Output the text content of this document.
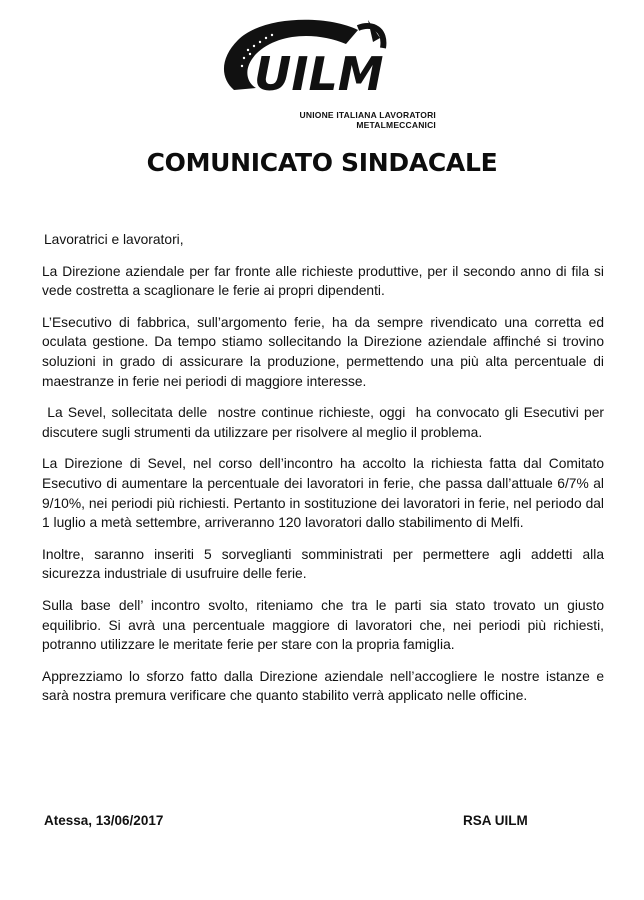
UILM
UNIONE ITALIANA LAVORATORI
METALMECCANICI
COMUNICATO SINDACALE

Lavoratrici e lavoratori,

La Direzione aziendale per far fronte alle richieste produttive, per il secondo anno di fila si vede costretta a scaglionare le ferie ai propri dipendenti.

L’Esecutivo di fabbrica, sull’argomento ferie, ha da sempre rivendicato una corretta ed oculata gestione. Da tempo stiamo sollecitando la Direzione aziendale affinché si trovino soluzioni in grado di assicurare la produzione, permettendo una più alta percentuale di maestranze in ferie nei periodi di maggiore interesse.

La Sevel, sollecitata delle  nostre continue richieste, oggi  ha convocato gli Esecutivi per discutere sugli strumenti da utilizzare per risolvere al meglio il problema.

La Direzione di Sevel, nel corso dell’incontro ha accolto la richiesta fatta dal Comitato Esecutivo di aumentare la percentuale dei lavoratori in ferie, che passa dall’attuale 6/7% al 9/10%, nei periodi più richiesti. Pertanto in sostituzione dei lavoratori in ferie, nel periodo dal 1 luglio a metà settembre, arriveranno 120 lavoratori dallo stabilimento di Melfi.

Inoltre, saranno inseriti 5 sorveglianti somministrati per permettere agli addetti alla sicurezza industriale di usufruire delle ferie.

Sulla base dell’ incontro svolto, riteniamo che tra le parti sia stato trovato un giusto equilibrio. Si avrà una percentuale maggiore di lavoratori che, nei periodi più richiesti, potranno utilizzare le meritate ferie per stare con la propria famiglia.

Apprezziamo lo sforzo fatto dalla Direzione aziendale nell’accogliere le nostre istanze e sarà nostra premura verificare che quanto stabilito verrà applicato nelle officine.

Atessa, 13/06/2017	RSA UILM
